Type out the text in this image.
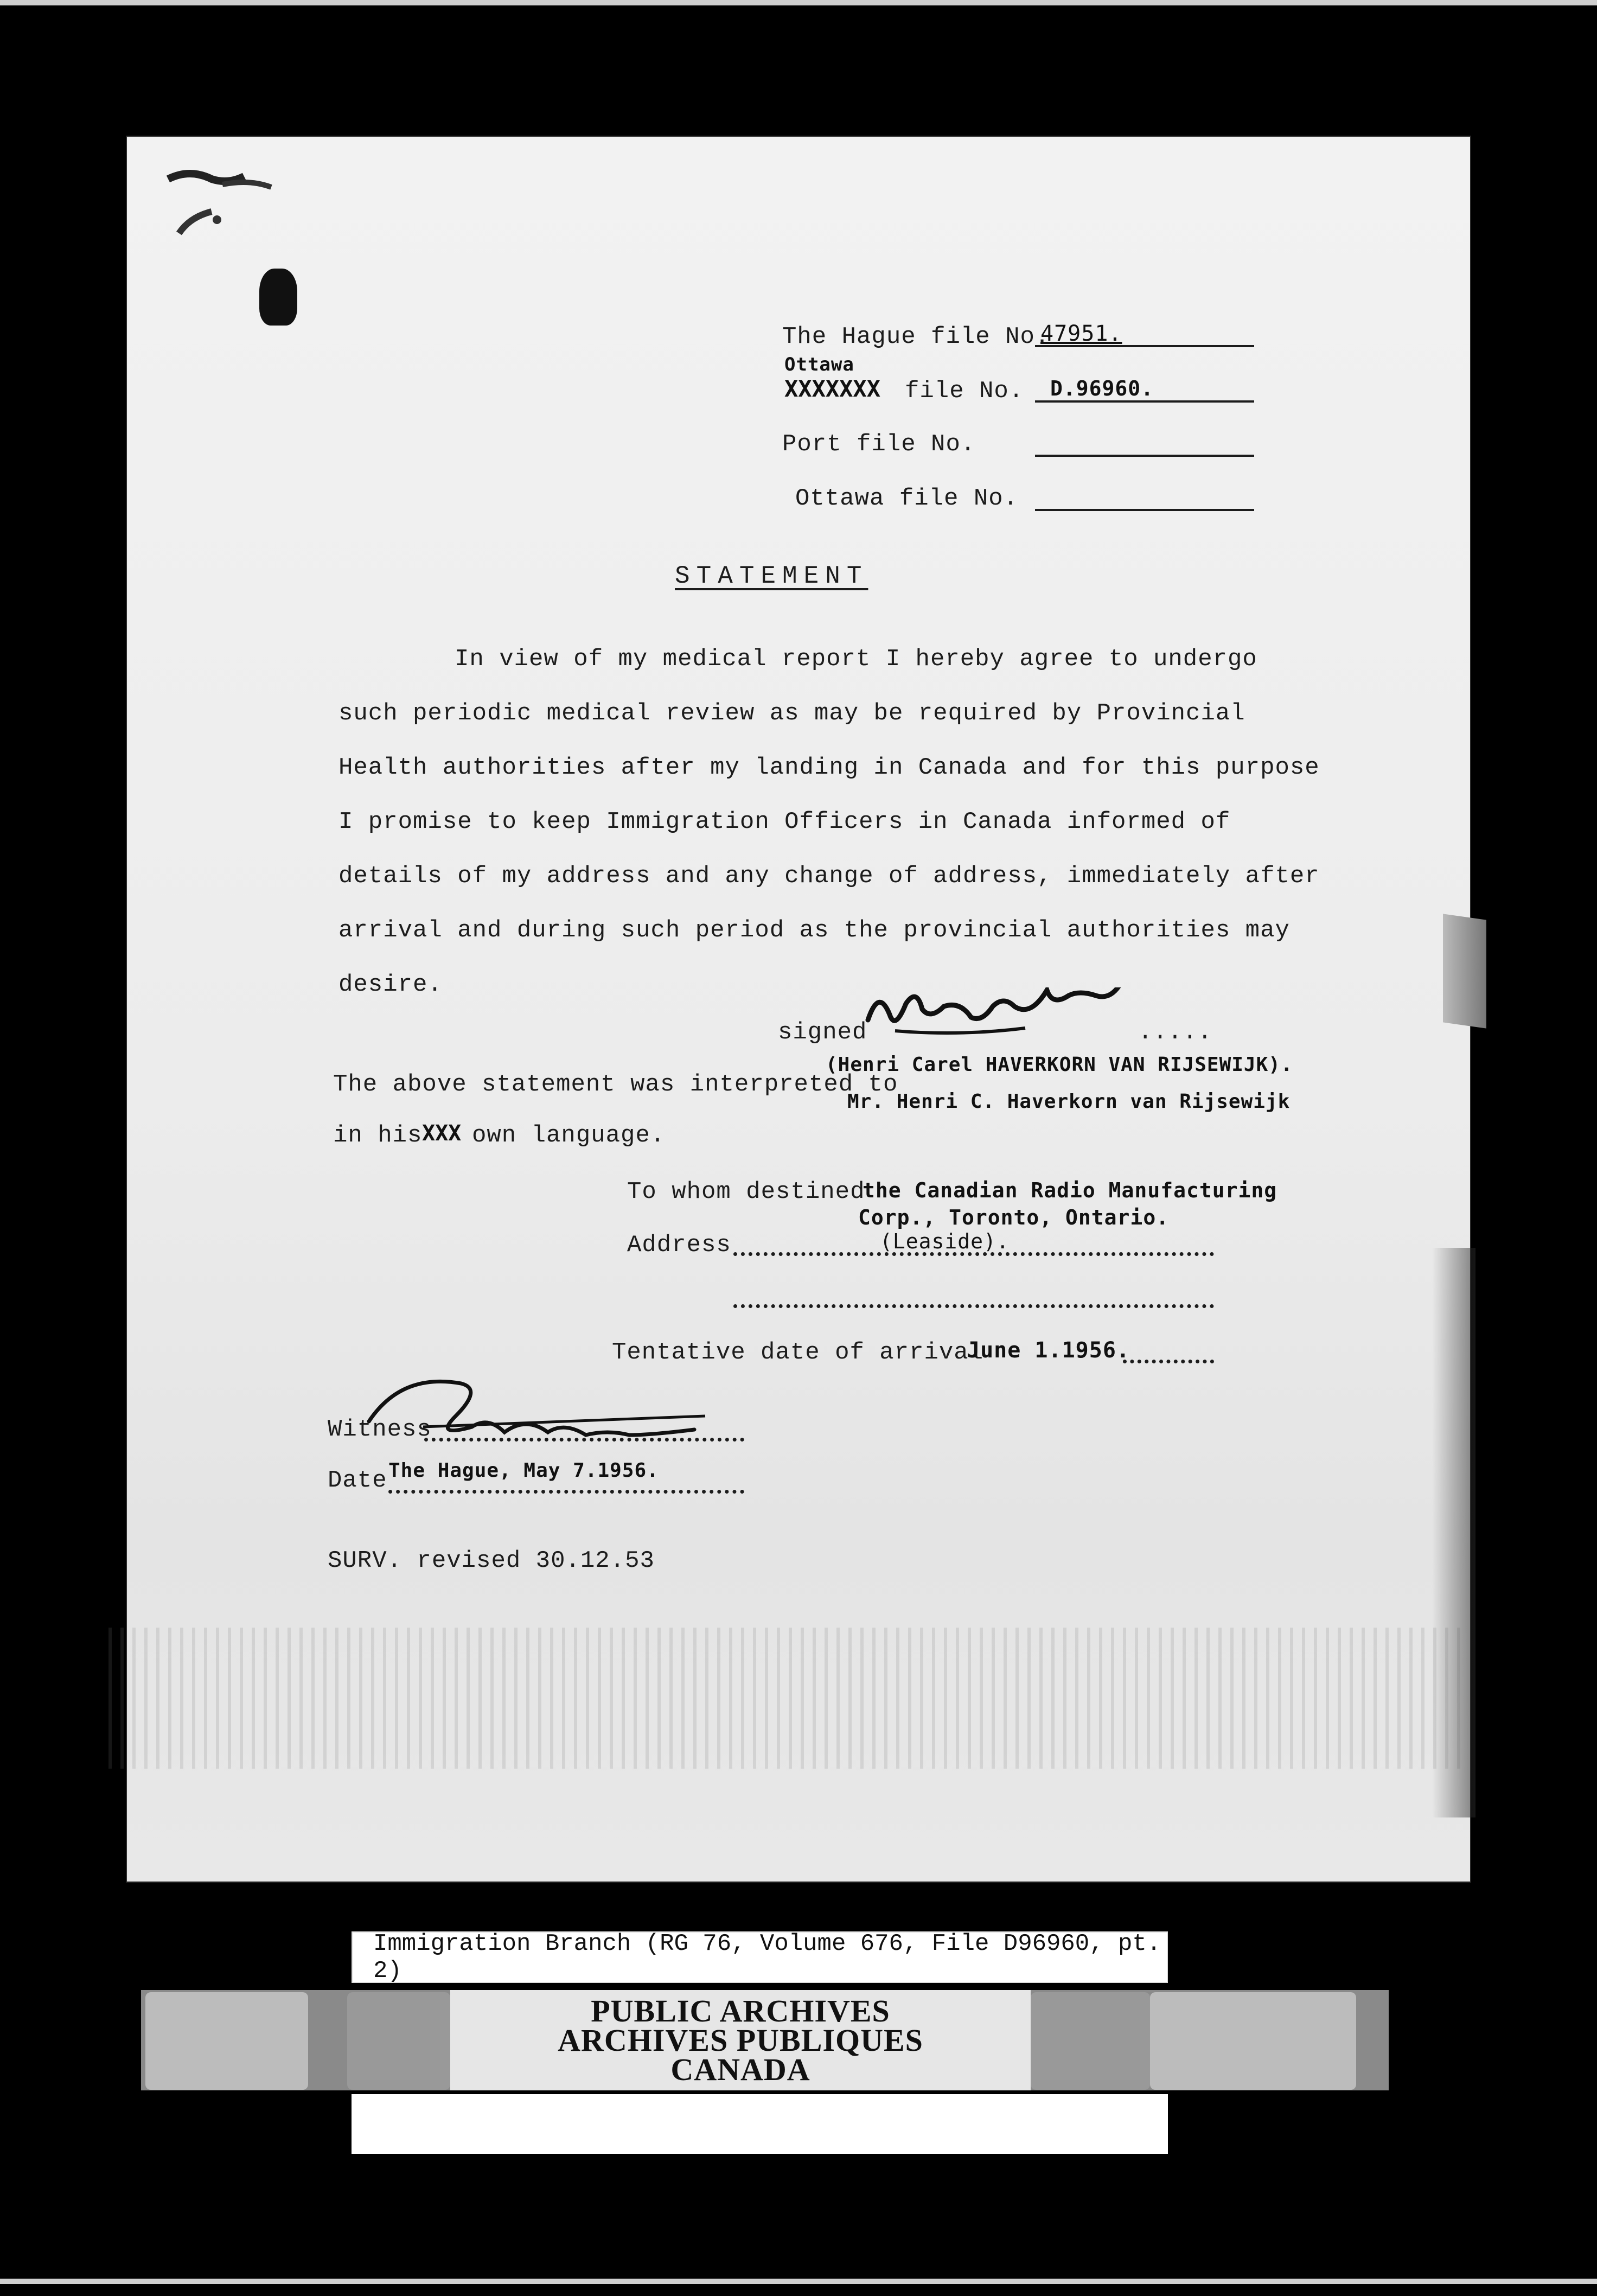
The Hague file No.
47951.
Ottawa
XXXXXXX file No. D.96960.
Port file No.
Ottawa file No.
STATEMENT
In view of my medical report I hereby agree to undergo
such periodic medical review as may be required by Provincial
Health authorities after my landing in Canada and for this purpose
I promise to keep Immigration Officers in Canada informed of
details of my address and any change of address, immediately after
arrival and during such period as the provincial authorities may
desire.
signed	.....
(Henri Carel HAVERKORN VAN RIJSEWIJK).
The above statement was interpreted to
Mr. Henri C. Haverkorn van Rijsewijk
in his XXX own language.
To whom destined
the Canadian Radio Manufacturing
Corp., Toronto, Ontario.
Address	(Leaside).
Tentative date of arrival
June 1.1956.
Witness
Date The Hague, May 7.1956.
SURV. revised 30.12.53
Immigration Branch (RG 76, Volume 676, File D96960, pt. 2)
PUBLIC ARCHIVES
ARCHIVES PUBLIQUES
CANADA
